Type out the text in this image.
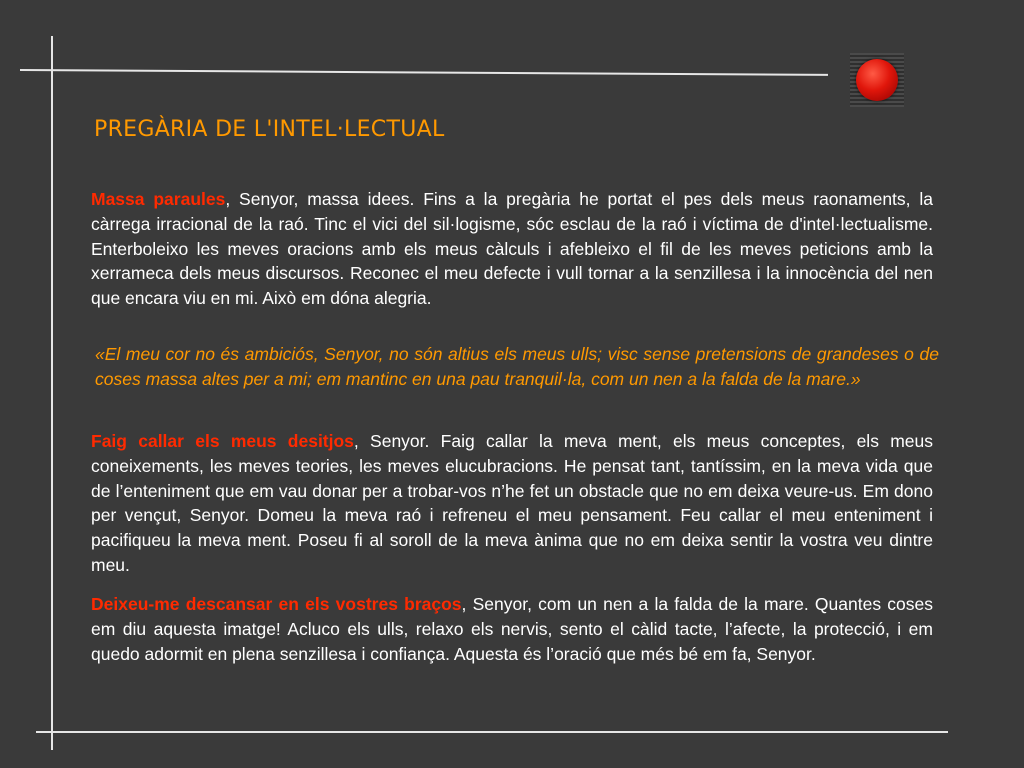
PREGÀRIA DE L'INTEL·LECTUAL

Massa paraules, Senyor, massa idees. Fins a la pregària he portat el pes dels meus raonaments, la càrrega irracional de la raó. Tinc el vici del sil·logisme, sóc esclau de la raó i víctima de d'intel·lectualisme. Enterboleixo les meves oracions amb els meus càlculs i afebleixo el fil de les meves peticions amb la xerrameca dels meus discursos. Reconec el meu defecte i vull tornar a la senzillesa i la innocència del nen que encara viu en mi. Això em dóna alegria.

«El meu cor no és ambiciós, Senyor, no són altius els meus ulls; visc sense pretensions de grandeses o de coses massa altes per a mi; em mantinc en una pau tranquil·la, com un nen a la falda de la mare.»

Faig callar els meus desitjos, Senyor. Faig callar la meva ment, els meus conceptes, els meus coneixements, les meves teories, les meves elucubracions. He pensat tant, tantíssim, en la meva vida que de l’enteniment que em vau donar per a trobar-vos n’he fet un obstacle que no em deixa veure-us. Em dono per vençut, Senyor. Domeu la meva raó i refreneu el meu pensament. Feu callar el meu enteniment i pacifiqueu la meva ment. Poseu fi al soroll de la meva ànima que no em deixa sentir la vostra veu dintre meu.

Deixeu-me descansar en els vostres braços, Senyor, com un nen a la falda de la mare. Quantes coses em diu aquesta imatge! Acluco els ulls, relaxo els nervis, sento el càlid tacte, l’afecte, la protecció, i em quedo adormit en plena senzillesa i confiança. Aquesta és l’oració que més bé em fa, Senyor.
